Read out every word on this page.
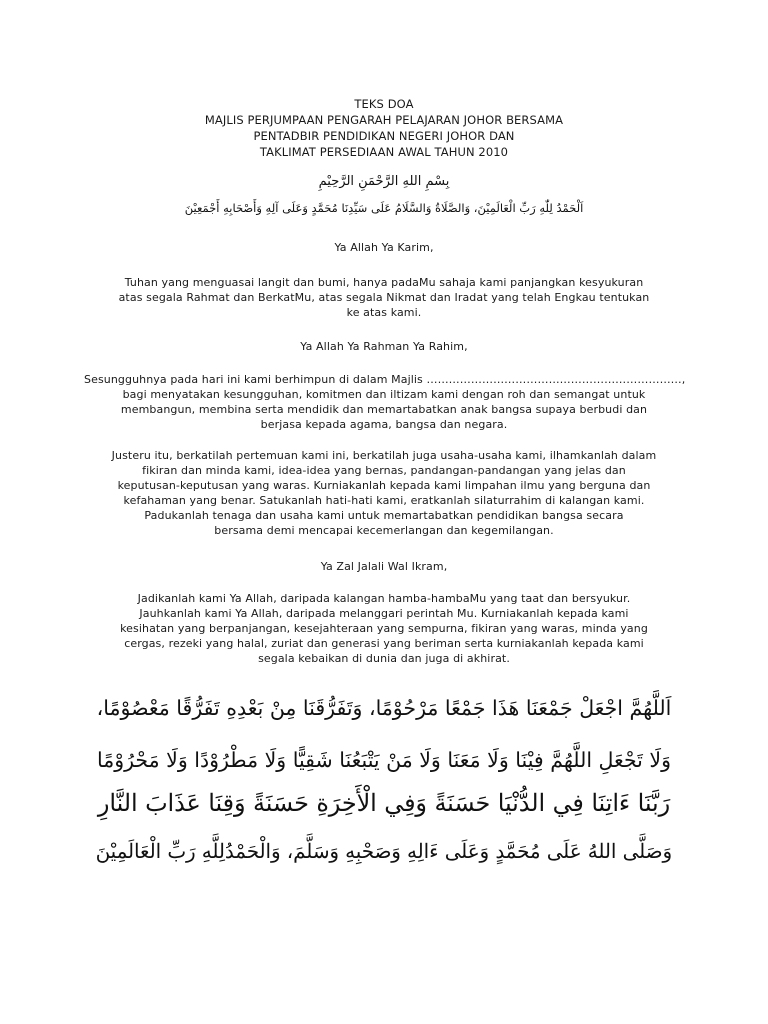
TEKS DOA
MAJLIS PERJUMPAAN PENGARAH PELAJARAN JOHOR BERSAMA
PENTADBIR PENDIDIKAN NEGERI JOHOR DAN
TAKLIMAT PERSEDIAAN AWAL TAHUN 2010
بِسْمِ اللهِ الرَّحْمَنِ الرَّحِيْمِ
اَلْحَمْدُ لِلّٰهِ رَبِّ الْعَالَمِيْنَ، وَالصَّلَاةُ وَالسَّلَامُ عَلَى سَيِّدِنَا مُحَمَّدٍ وَعَلَى آلِهِ وَأَصْحَابِهِ أَجْمَعِيْنَ
Ya Allah Ya Karim,
Tuhan yang menguasai langit dan bumi, hanya padaMu sahaja kami panjangkan kesyukuran
atas segala Rahmat dan BerkatMu, atas segala Nikmat dan Iradat yang telah Engkau tentukan
ke atas kami.
Ya Allah Ya Rahman Ya Rahim,
Sesungguhnya pada hari ini kami berhimpun di dalam Majlis ……………………………………………………………,
bagi menyatakan kesungguhan, komitmen dan iltizam kami dengan roh dan semangat untuk
membangun, membina serta mendidik dan memartabatkan anak bangsa supaya berbudi dan
berjasa kepada agama, bangsa dan negara.
Justeru itu, berkatilah pertemuan kami ini, berkatilah juga usaha-usaha kami, ilhamkanlah dalam
fikiran dan minda kami, idea-idea yang bernas, pandangan-pandangan yang jelas dan
keputusan-keputusan yang waras. Kurniakanlah kepada kami limpahan ilmu yang berguna dan
kefahaman yang benar. Satukanlah hati-hati kami, eratkanlah silaturrahim di kalangan kami.
Padukanlah tenaga dan usaha kami untuk memartabatkan pendidikan bangsa secara
bersama demi mencapai kecemerlangan dan kegemilangan.
Ya Zal Jalali Wal Ikram,
Jadikanlah kami Ya Allah, daripada kalangan hamba-hambaMu yang taat dan bersyukur.
Jauhkanlah kami Ya Allah, daripada melanggari perintah Mu. Kurniakanlah kepada kami
kesihatan yang berpanjangan, kesejahteraan yang sempurna, fikiran yang waras, minda yang
cergas, rezeki yang halal, zuriat dan generasi yang beriman serta kurniakanlah kepada kami
segala kebaikan di dunia dan juga di akhirat.
اَللَّهُمَّ اجْعَلْ جَمْعَنَا هَذَا جَمْعًا مَرْحُوْمًا، وَتَفَرُّقَنَا مِنْ بَعْدِهِ تَفَرُّقًا مَعْصُوْمًا،
وَلَا تَجْعَلِ اللَّهُمَّ فِيْنَا وَلَا مَعَنَا وَلَا مَنْ يَتْبَعُنَا شَقِيًّا وَلَا مَطْرُوْدًا وَلَا مَحْرُوْمًا
رَبَّنَا ءَاتِنَا فِي الدُّنْيَا حَسَنَةً وَفِي الْأَخِرَةِ حَسَنَةً وَقِنَا عَذَابَ النَّارِ
وَصَلَّى اللهُ عَلَى مُحَمَّدٍ وَعَلَى ءَالِهِ وَصَحْبِهِ وَسَلَّمَ، وَالْحَمْدُلِلَّهِ رَبِّ الْعَالَمِيْنَ
